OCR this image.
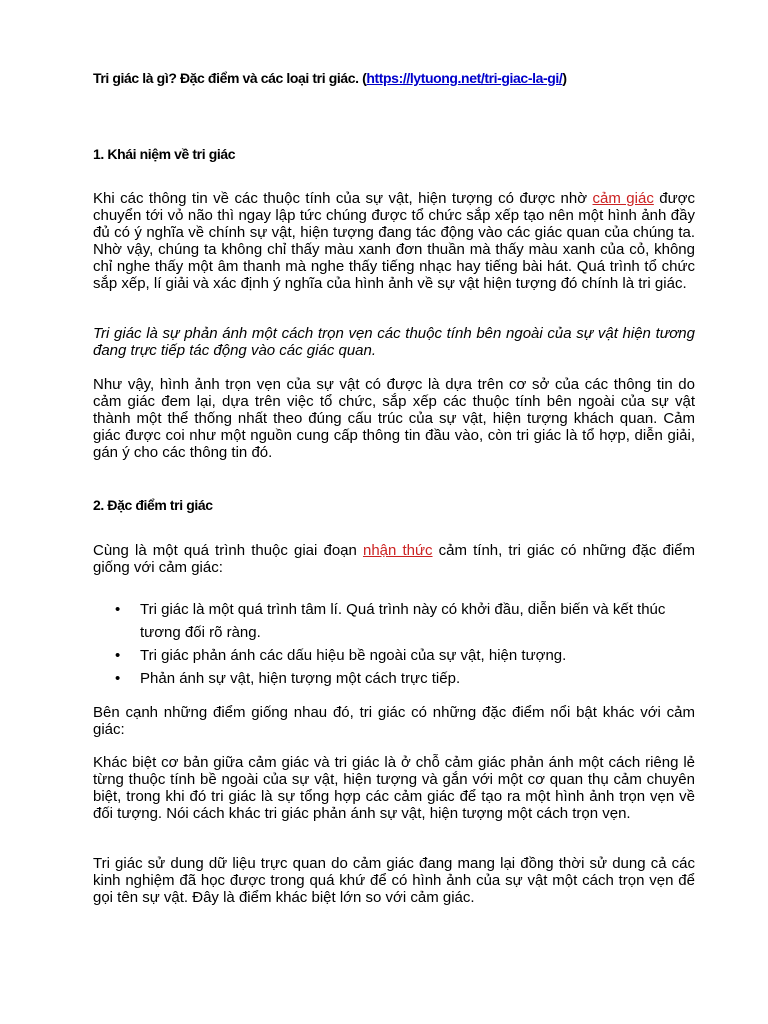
Tri giác là gì? Đặc điểm và các loại tri giác. (https://lytuong.net/tri-giac-la-gi/)
1. Khái niệm về tri giác

Khi các thông tin về các thuộc tính của sự vật, hiện tượng có được nhờ cảm giác được chuyển tới vỏ não thì ngay lập tức chúng được tổ chức sắp xếp tạo nên một hình ảnh đầy đủ có ý nghĩa về chính sự vật, hiện tượng đang tác động vào các giác quan của chúng ta. Nhờ vậy, chúng ta không chỉ thấy màu xanh đơn thuần mà thấy màu xanh của cỏ, không chỉ nghe thấy một âm thanh mà nghe thấy tiếng nhạc hay tiếng bài hát. Quá trình tổ chức sắp xếp, lí giải và xác định ý nghĩa của hình ảnh về sự vật hiện tượng đó chính là tri giác.

Tri giác là sự phản ánh một cách trọn vẹn các thuộc tính bên ngoài của sự vật hiện tương đang trực tiếp tác động vào các giác quan.

Như vậy, hình ảnh trọn vẹn của sự vật có được là dựa trên cơ sở của các thông tin do cảm giác đem lại, dựa trên việc tổ chức, sắp xếp các thuộc tính bên ngoài của sự vật thành một thể thống nhất theo đúng cấu trúc của sự vật, hiện tượng khách quan. Cảm giác được coi như một nguồn cung cấp thông tin đầu vào, còn tri giác là tổ hợp, diễn giải, gán ý cho các thông tin đó.

2. Đặc điểm tri giác

Cùng là một quá trình thuộc giai đoạn nhận thức cảm tính, tri giác có những đặc điểm giống với cảm giác:

• Tri giác là một quá trình tâm lí. Quá trình này có khởi đầu, diễn biến và kết thúc tương đối rõ ràng.
• Tri giác phản ánh các dấu hiệu bề ngoài của sự vật, hiện tượng.
• Phản ánh sự vật, hiện tượng một cách trực tiếp.

Bên cạnh những điểm giống nhau đó, tri giác có những đặc điểm nổi bật khác với cảm giác:

Khác biệt cơ bản giữa cảm giác và tri giác là ở chỗ cảm giác phản ánh một cách riêng lẻ từng thuộc tính bề ngoài của sự vật, hiện tượng và gắn với một cơ quan thụ cảm chuyên biệt, trong khi đó tri giác là sự tổng hợp các cảm giác để tạo ra một hình ảnh trọn vẹn về đối tượng. Nói cách khác tri giác phản ánh sự vật, hiện tượng một cách trọn vẹn.

Tri giác sử dung dữ liệu trực quan do cảm giác đang mang lại đồng thời sử dung cả các kinh nghiệm đã học được trong quá khứ để có hình ảnh của sự vật một cách trọn vẹn để gọi tên sự vật. Đây là điểm khác biệt lớn so với cảm giác.
